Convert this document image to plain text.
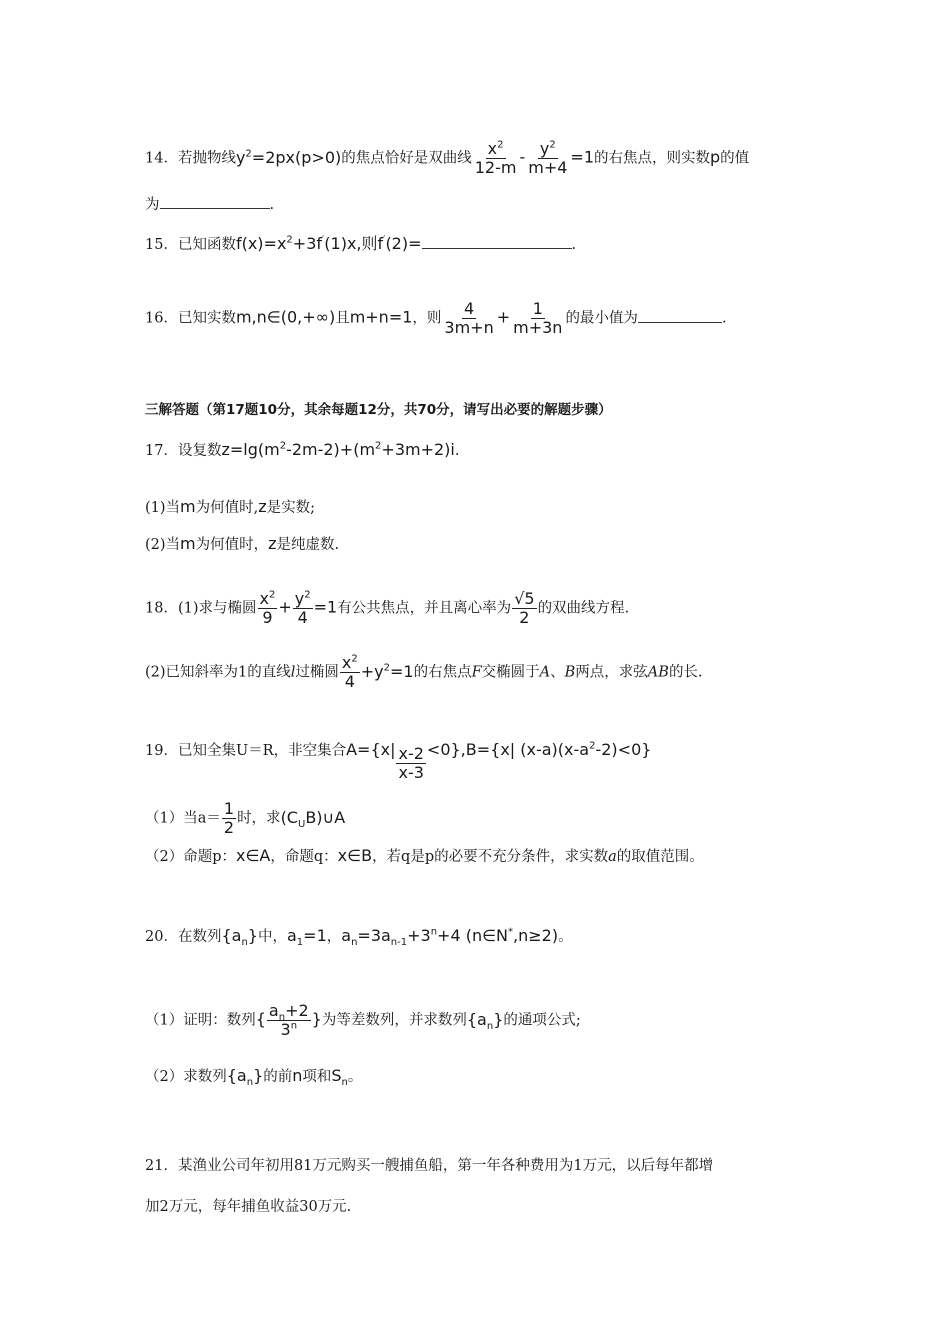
14．若抛物线$y^2=2px(p>0)$的焦点恰好是双曲线 $\frac{x^2}{12-m} - \frac{y^2}{m+4} =1$的右焦点，则实数p的值
为	.
15．已知函数$f(x)=x^2+3f'(1)x$,则f′(2)=	.
16．已知实数m,n∈(0,+∞)且m+n=1，则 $\frac{4}{3m+n} + \frac{1}{m+3n}$ 的最小值为	.
三解答题（第17题10分，其余每题12分，共70分，请写出必要的解题步骤）
17．设复数$z=\lg(m^2-2m-2)+(m^2+3m+2)i$.
(1)当m为何值时,z是实数;
(2)当m为何值时，z是纯虚数.
18．(1)求与椭圆 $\frac{x^2}{9} + \frac{y^2}{4} =1$有公共焦点，并且离心率为 $\frac{√5}{2}$ 的双曲线方程.
(2)已知斜率为1的直线l过椭圆 $\frac{x^2}{4} +y^2=1$的右焦点F交椭圆于A、B两点，求弦AB的长.
19．已知全集U＝R，非空集合$A=\{x| \frac{x-2}{x-3} <0\},B=\{x|$ $(x-a)(x-a^2-2)<0$}
（1）当$a= \frac{1}{2}$ 时，求$(C_UB)\cup A$
（2）命题p：x∈A，命题q：x∈B，若q是p的必要不充分条件，求实数a的取值范围。
20．在数列$\{a_n\}$中，$a_1=1$，$a_n=3a_{n-1}+3^n+4$ (n∈N*,n≥2)。
（1）证明：数列{ $\frac{a_n+2}{3^n}$ }为等差数列，并求数列$\{a_n\}$的通项公式;
（2）求数列$\{a_n\}$的前n项和$S_n$。
21．某渔业公司年初用81万元购买一艘捕鱼船，第一年各种费用为1万元，以后每年都增
加2万元，每年捕鱼收益30万元.
